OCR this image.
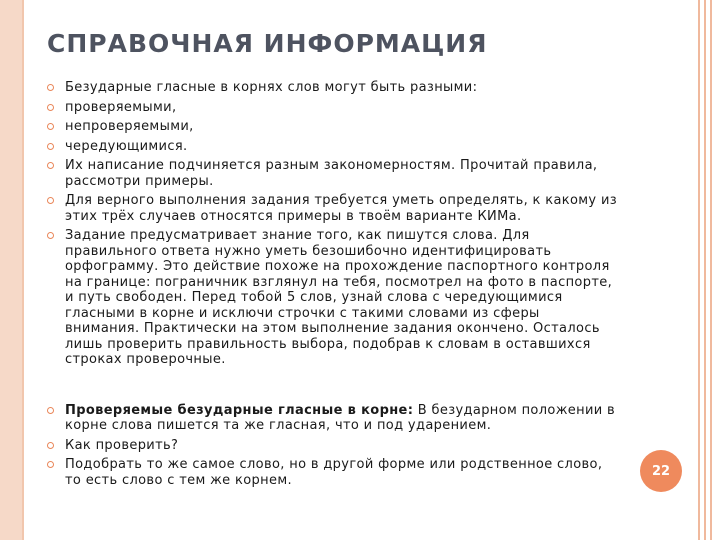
СПРАВОЧНАЯ ИНФОРМАЦИЯ
Безударные гласные в корнях слов могут быть разными:
проверяемыми,
непроверяемыми,
чередующимися.
Их написание подчиняется разным закономерностям. Прочитай правила, рассмотри примеры.
Для верного выполнения задания требуется уметь определять, к какому из этих трёх случаев относятся примеры в твоём варианте КИМа.
Задание предусматривает знание того, как пишутся слова. Для правильного ответа нужно уметь безошибочно идентифицировать орфограмму. Это действие похоже на прохождение паспортного контроля на границе: пограничник взглянул на тебя, посмотрел на фото в паспорте, и путь свободен. Перед тобой 5 слов, узнай слова с чередующимися гласными в корне и исключи строчки с такими словами из сферы внимания. Практически на этом выполнение задания окончено. Осталось лишь проверить правильность выбора, подобрав к словам в оставшихся строках проверочные.
Проверяемые безударные гласные в корне: В безударном положении в корне слова пишется та же гласная, что и под ударением.
Как проверить?
Подобрать то же самое слово, но в другой форме или родственное слово, то есть слово с тем же корнем.
22
